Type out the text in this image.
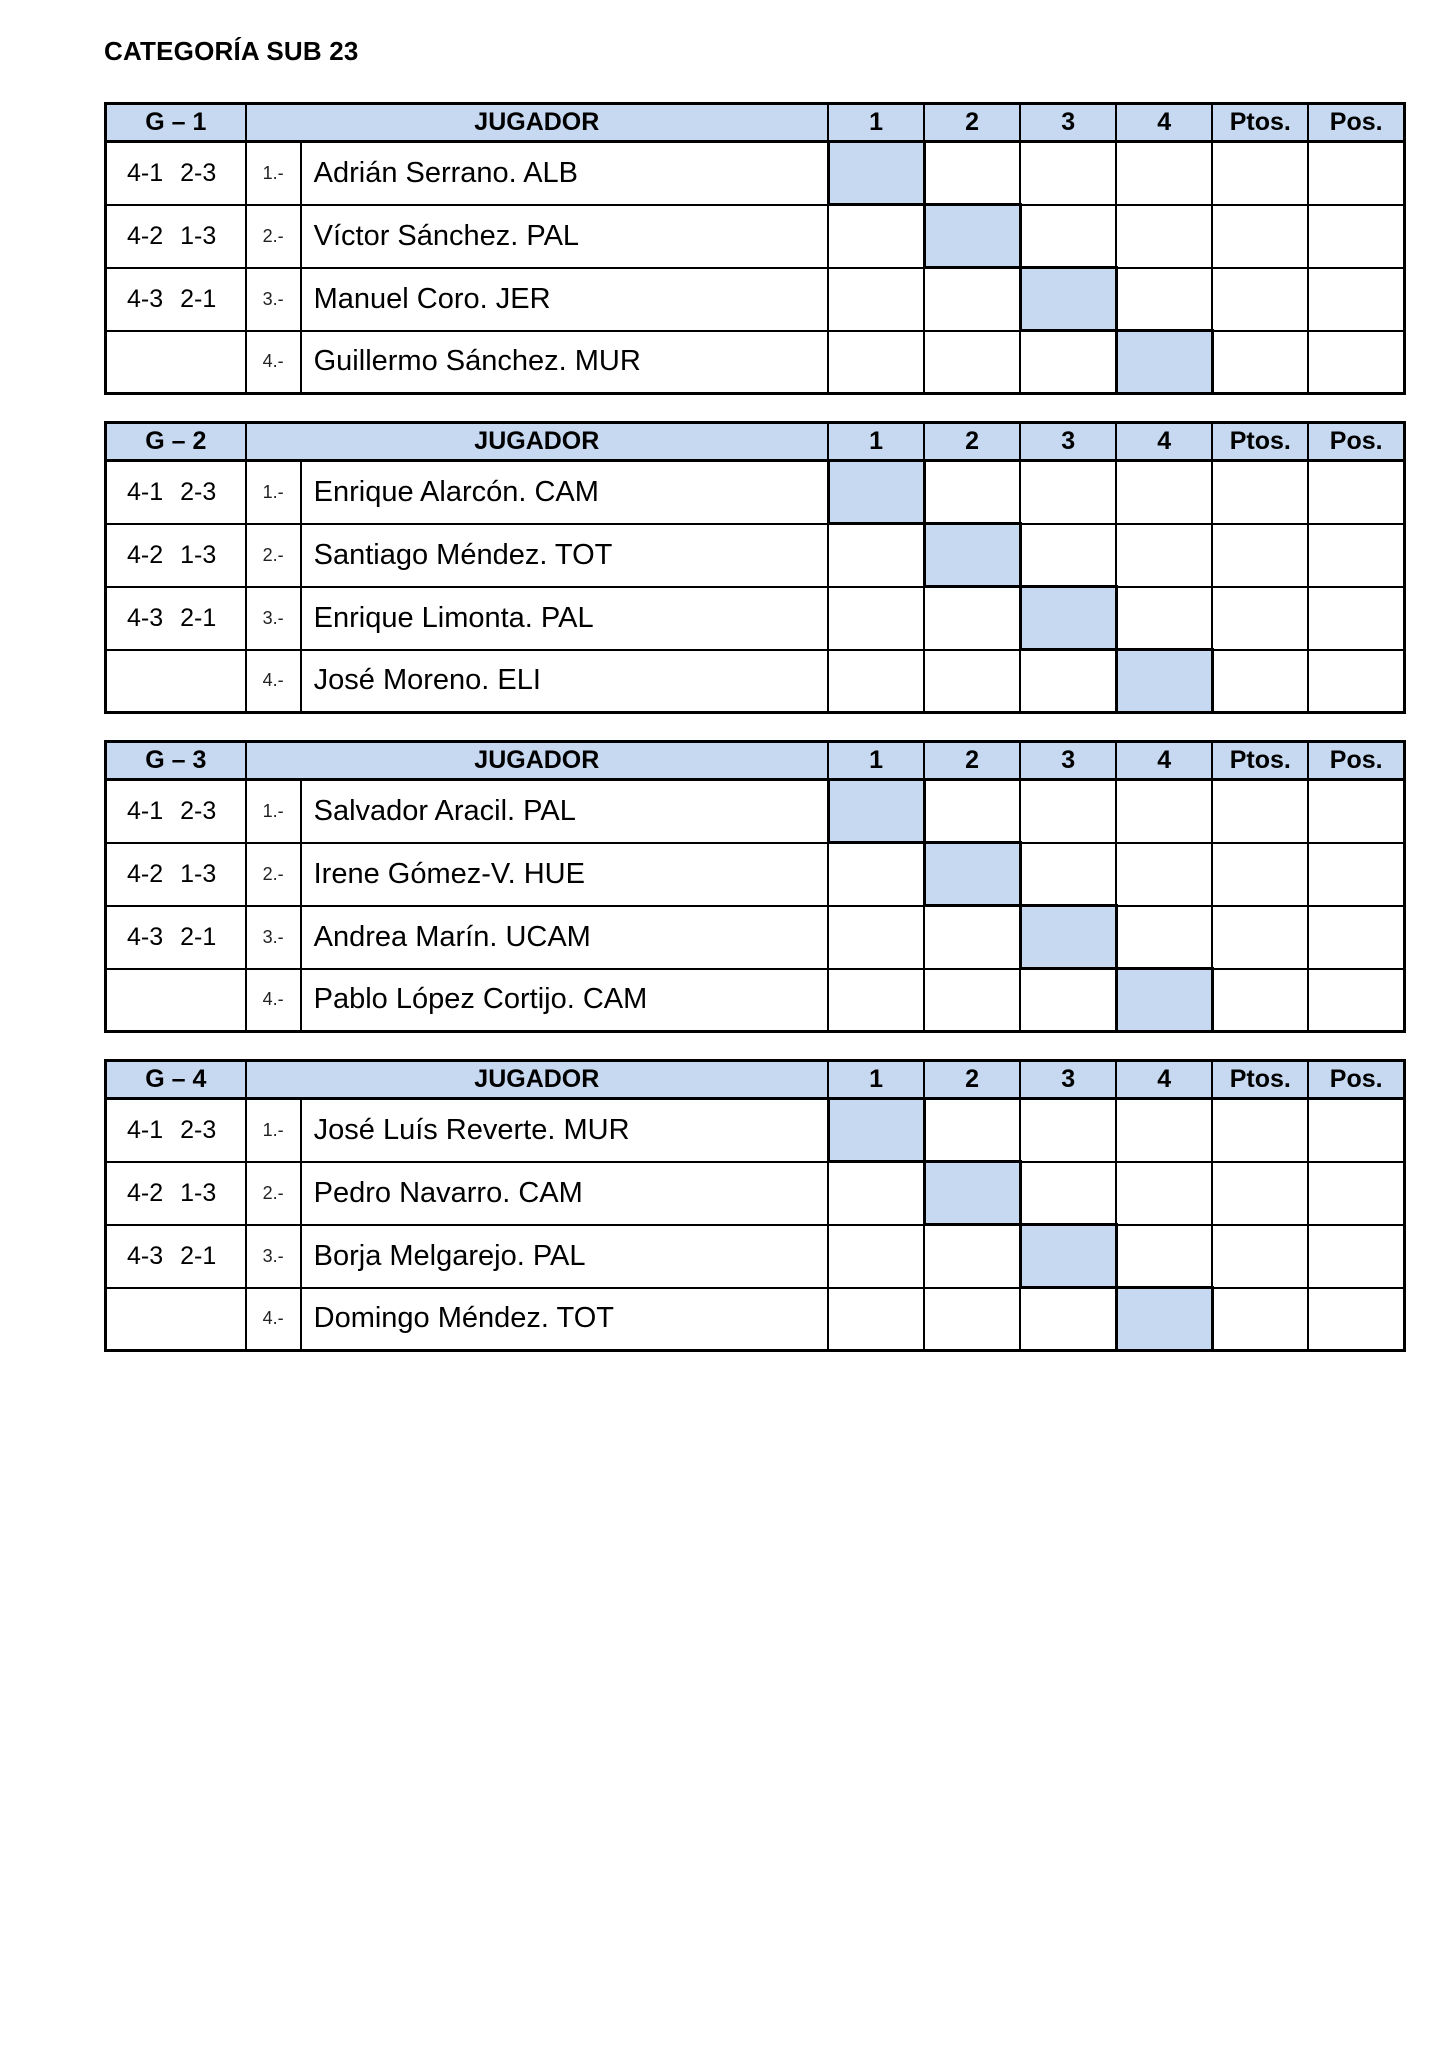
CATEGORÍA SUB 23
G – 1	JUGADOR		1	2	3	4	Ptos.	Pos.
4-1 2-3	1.-	Adrián Serrano. ALB						
4-2 1-3	2.-	Víctor Sánchez. PAL						
4-3 2-1	3.-	Manuel Coro. JER						
	4.-	Guillermo Sánchez. MUR						
G – 2	JUGADOR		1	2	3	4	Ptos.	Pos.
4-1 2-3	1.-	Enrique Alarcón. CAM						
4-2 1-3	2.-	Santiago Méndez. TOT						
4-3 2-1	3.-	Enrique Limonta. PAL						
	4.-	José Moreno. ELI						
G – 3	JUGADOR		1	2	3	4	Ptos.	Pos.
4-1 2-3	1.-	Salvador Aracil. PAL						
4-2 1-3	2.-	Irene Gómez-V. HUE						
4-3 2-1	3.-	Andrea Marín. UCAM						
	4.-	Pablo López Cortijo. CAM						
G – 4	JUGADOR		1	2	3	4	Ptos.	Pos.
4-1 2-3	1.-	José Luís Reverte. MUR						
4-2 1-3	2.-	Pedro Navarro. CAM						
4-3 2-1	3.-	Borja Melgarejo. PAL						
	4.-	Domingo Méndez. TOT						
